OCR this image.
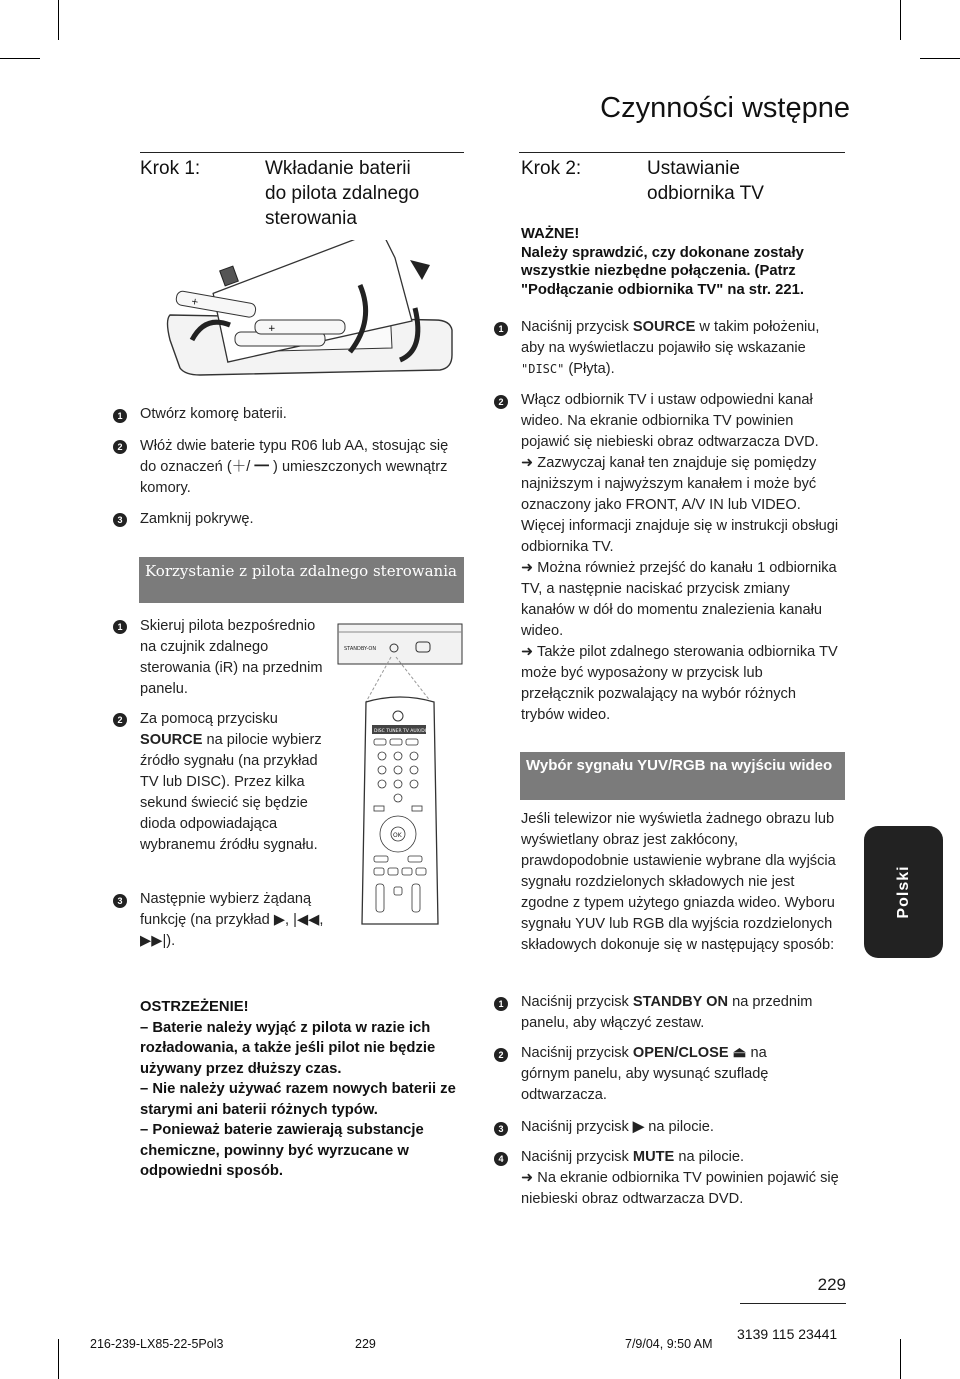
Czynności wstępne
Krok 1:	Wkładanie baterii
do pilota zdalnego
sterowania
+
+
1	Otwórz komorę baterii.
2	Włóż dwie baterie typu R06 lub AA, stosując się do oznaczeń (＋/ ━ ) umieszczonych wewnątrz komory.
3	Zamknij pokrywę.
Korzystanie z pilota zdalnego sterowania
1	Skieruj pilota bezpośrednio na czujnik zdalnego sterowania (iR) na przednim panelu.
2	Za pomocą przycisku SOURCE na pilocie wybierz źródło sygnału (na przykład TV lub DISC). Przez kilka sekund świecić się będzie dioda odpowiadająca wybranemu źródłu sygnału.
3	Następnie wybierz żądaną funkcję (na przykład ▶, |◀◀, ▶▶|).
STANDBY-ON
DISC TUNER TV AUX/DI
OK
OSTRZEŻENIE!
– Baterie należy wyjąć z pilota w razie ich rozładowania, a także jeśli pilot nie będzie używany przez dłuższy czas.
– Nie należy używać razem nowych baterii ze starymi ani baterii różnych typów.
– Ponieważ baterie zawierają substancje chemiczne, powinny być wyrzucane w odpowiedni sposób.
Krok 2:	Ustawianie
odbiornika TV
WAŻNE!
Należy sprawdzić, czy dokonane zostały wszystkie niezbędne połączenia. (Patrz "Podłączanie odbiornika TV" na str. 221.
1	Naciśnij przycisk SOURCE w takim położeniu, aby na wyświetlaczu pojawiło się wskazanie "DISC" (Płyta).
2	Włącz odbiornik TV i ustaw odpowiedni kanał wideo. Na ekranie odbiornika TV powinien pojawić się niebieski obraz odtwarzacza DVD.
➜ Zazwyczaj kanał ten znajduje się pomiędzy najniższym i najwyższym kanałem i może być oznaczony jako FRONT, A/V IN lub VIDEO. Więcej informacji znajduje się w instrukcji obsługi odbiornika TV.
➜ Można również przejść do kanału 1 odbiornika TV, a następnie naciskać przycisk zmiany kanałów w dół do momentu znalezienia kanału wideo.
➜ Także pilot zdalnego sterowania odbiornika TV może być wyposażony w przycisk lub przełącznik pozwalający na wybór różnych trybów wideo.
Wybór sygnału YUV/RGB na wyjściu wideo
Jeśli telewizor nie wyświetla żadnego obrazu lub wyświetlany obraz jest zakłócony, prawdopodobnie ustawienie wybrane dla wyjścia sygnału rozdzielonych składowych nie jest zgodne z typem użytego gniazda wideo. Wyboru sygnału YUV lub RGB dla wyjścia rozdzielonych składowych dokonuje się w następujący sposób:
1	Naciśnij przycisk STANDBY ON na przednim panelu, aby włączyć zestaw.
2	Naciśnij przycisk OPEN/CLOSE ⏏ na górnym panelu, aby wysunąć szufladę odtwarzacza.
3	Naciśnij przycisk ▶ na pilocie.
4	Naciśnij przycisk MUTE na pilocie.
➜ Na ekranie odbiornika TV powinien pojawić się niebieski obraz odtwarzacza DVD.
Polski
229
216-239-LX85-22-5Pol3	229	7/9/04, 9:50 AM
3139 115 23441
